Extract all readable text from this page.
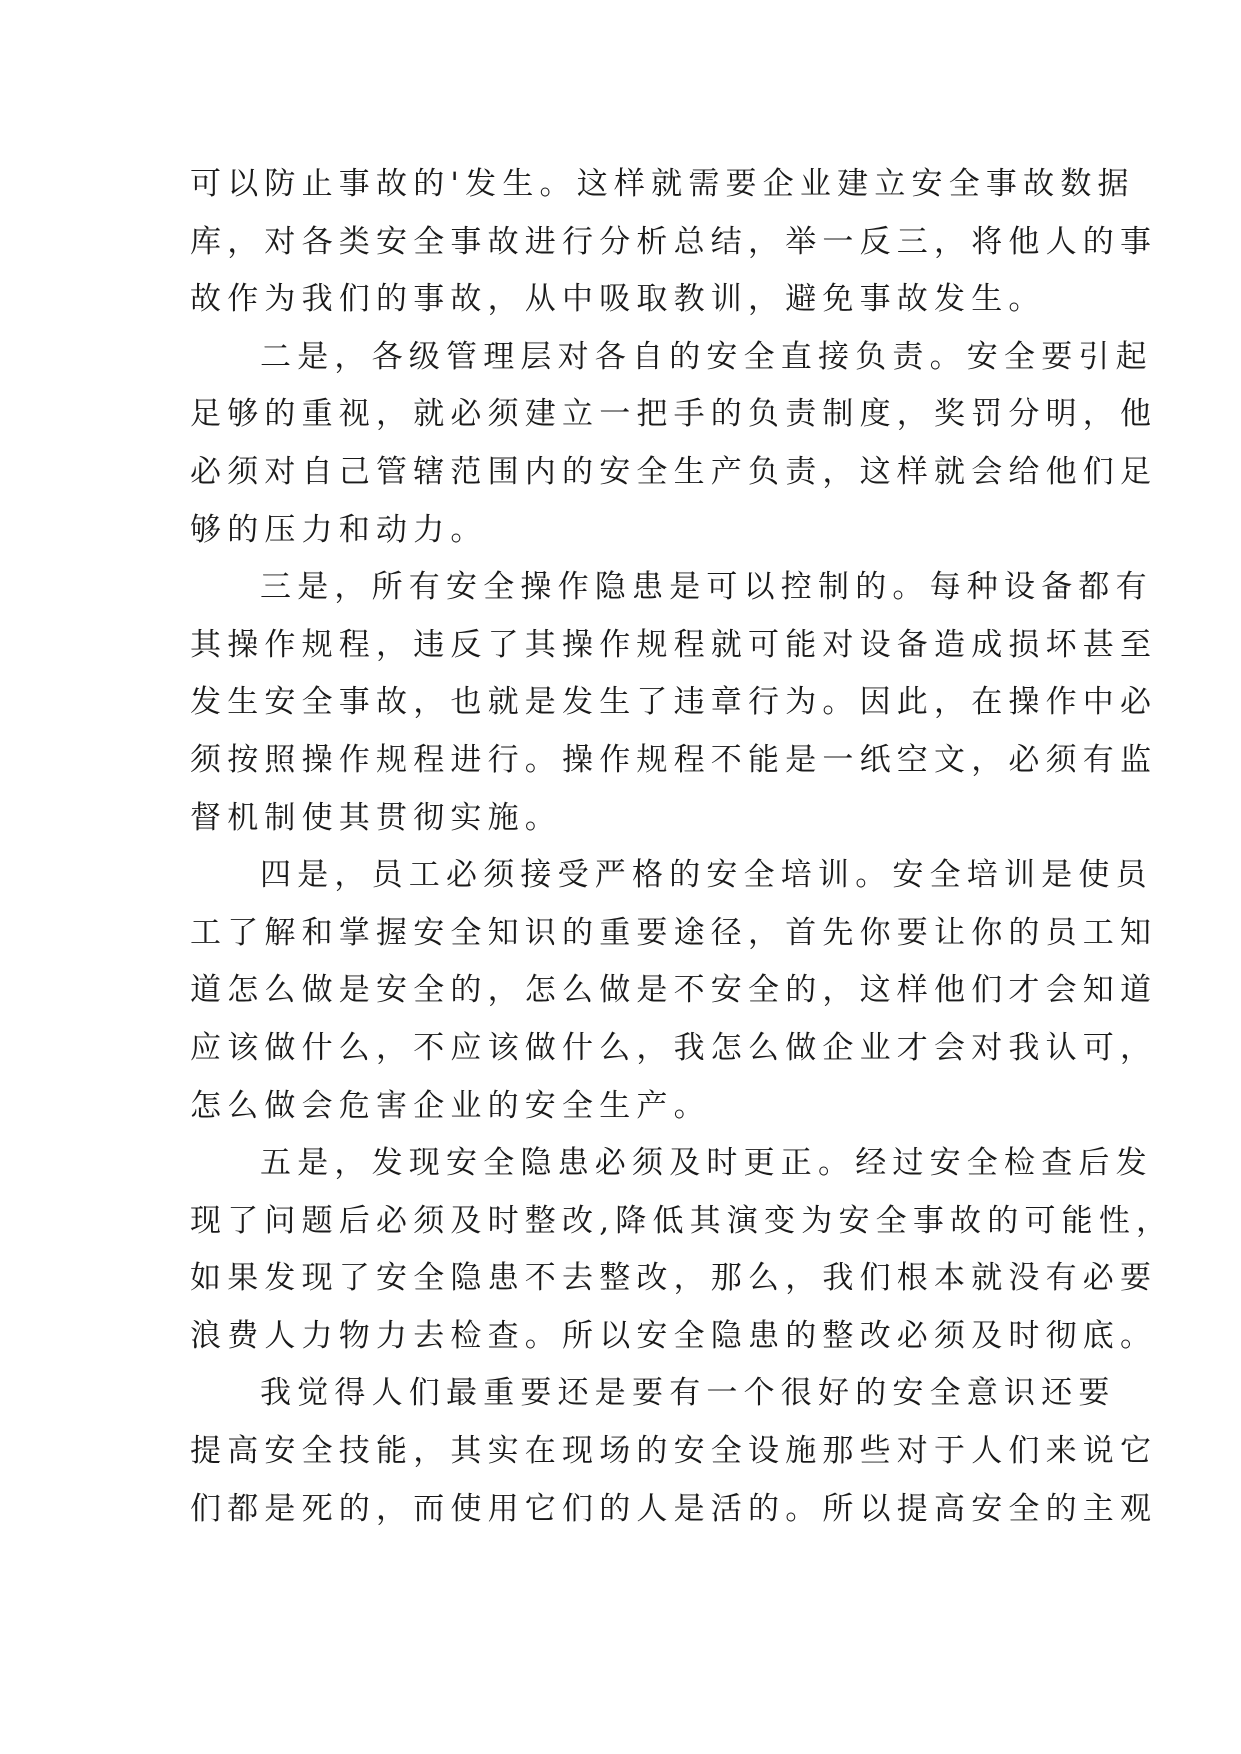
可以防止事故的'发生。这样就需要企业建立安全事故数据
库，对各类安全事故进行分析总结，举一反三，将他人的事
故作为我们的事故，从中吸取教训，避免事故发生。
二是，各级管理层对各自的安全直接负责。安全要引起
足够的重视，就必须建立一把手的负责制度，奖罚分明，他
必须对自己管辖范围内的安全生产负责，这样就会给他们足
够的压力和动力。
三是，所有安全操作隐患是可以控制的。每种设备都有
其操作规程，违反了其操作规程就可能对设备造成损坏甚至
发生安全事故，也就是发生了违章行为。因此，在操作中必
须按照操作规程进行。操作规程不能是一纸空文，必须有监
督机制使其贯彻实施。
四是，员工必须接受严格的安全培训。安全培训是使员
工了解和掌握安全知识的重要途径，首先你要让你的员工知
道怎么做是安全的，怎么做是不安全的，这样他们才会知道
应该做什么，不应该做什么，我怎么做企业才会对我认可，
怎么做会危害企业的安全生产。
五是，发现安全隐患必须及时更正。经过安全检查后发
现了问题后必须及时整改,降低其演变为安全事故的可能性，
如果发现了安全隐患不去整改，那么，我们根本就没有必要
浪费人力物力去检查。所以安全隐患的整改必须及时彻底。
我觉得人们最重要还是要有一个很好的安全意识还要
提高安全技能，其实在现场的安全设施那些对于人们来说它
们都是死的，而使用它们的人是活的。所以提高安全的主观
